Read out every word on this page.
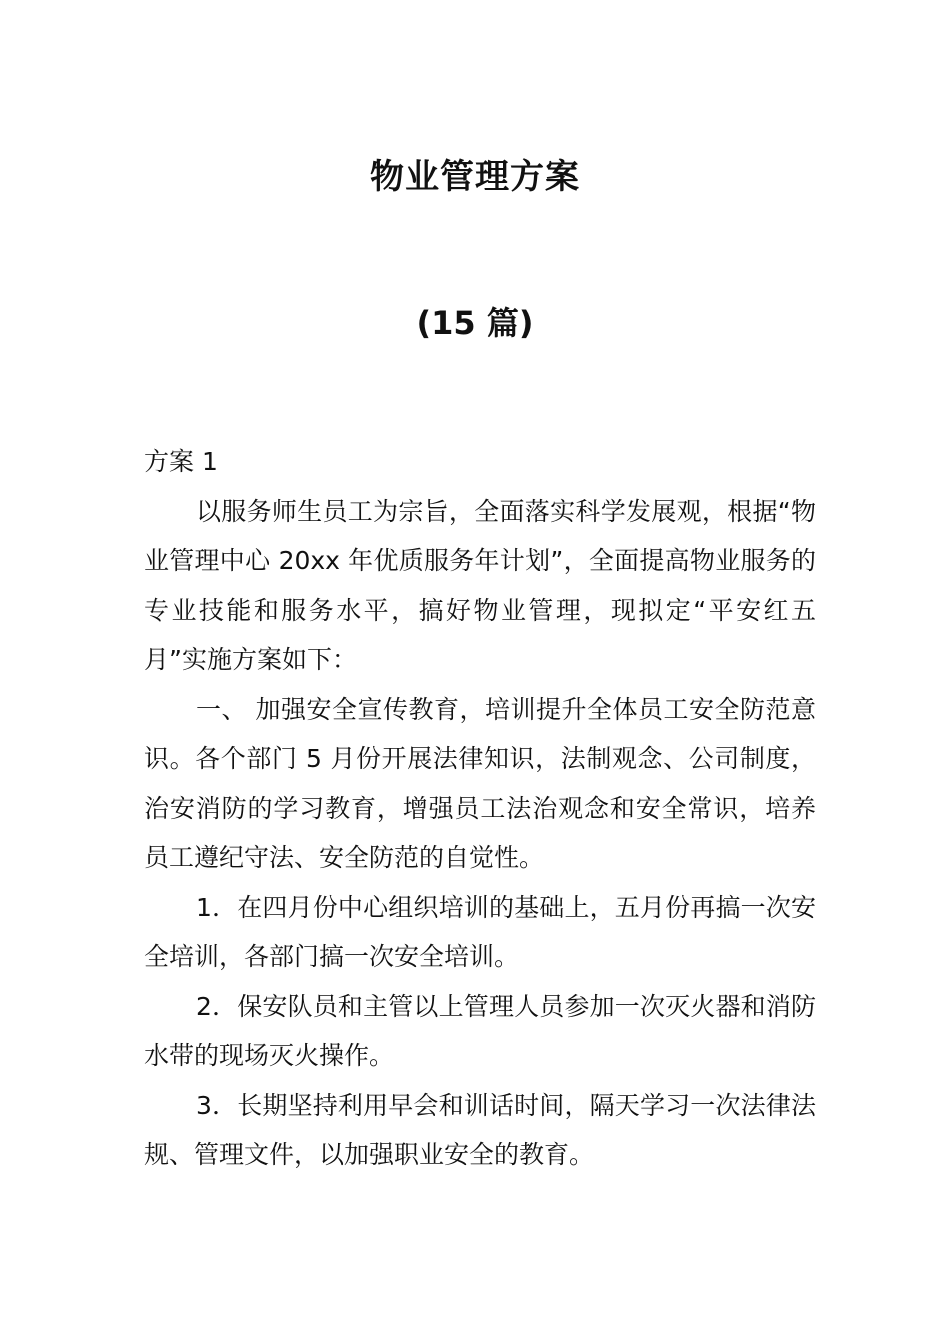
物业管理方案
(15 篇)

方案 1

以服务师生员工为宗旨，全面落实科学发展观，根据“物业管理中心 20xx 年优质服务年计划”，全面提高物业服务的专业技能和服务水平，搞好物业管理，现拟定“平安红五月”实施方案如下：

一、 加强安全宣传教育，培训提升全体员工安全防范意识。各个部门 5 月份开展法律知识，法制观念、公司制度，治安消防的学习教育，增强员工法治观念和安全常识，培养员工遵纪守法、安全防范的自觉性。

1．在四月份中心组织培训的基础上，五月份再搞一次安全培训，各部门搞一次安全培训。

2．保安队员和主管以上管理人员参加一次灭火器和消防水带的现场灭火操作。

3．长期坚持利用早会和训话时间，隔天学习一次法律法规、管理文件，以加强职业安全的教育。
